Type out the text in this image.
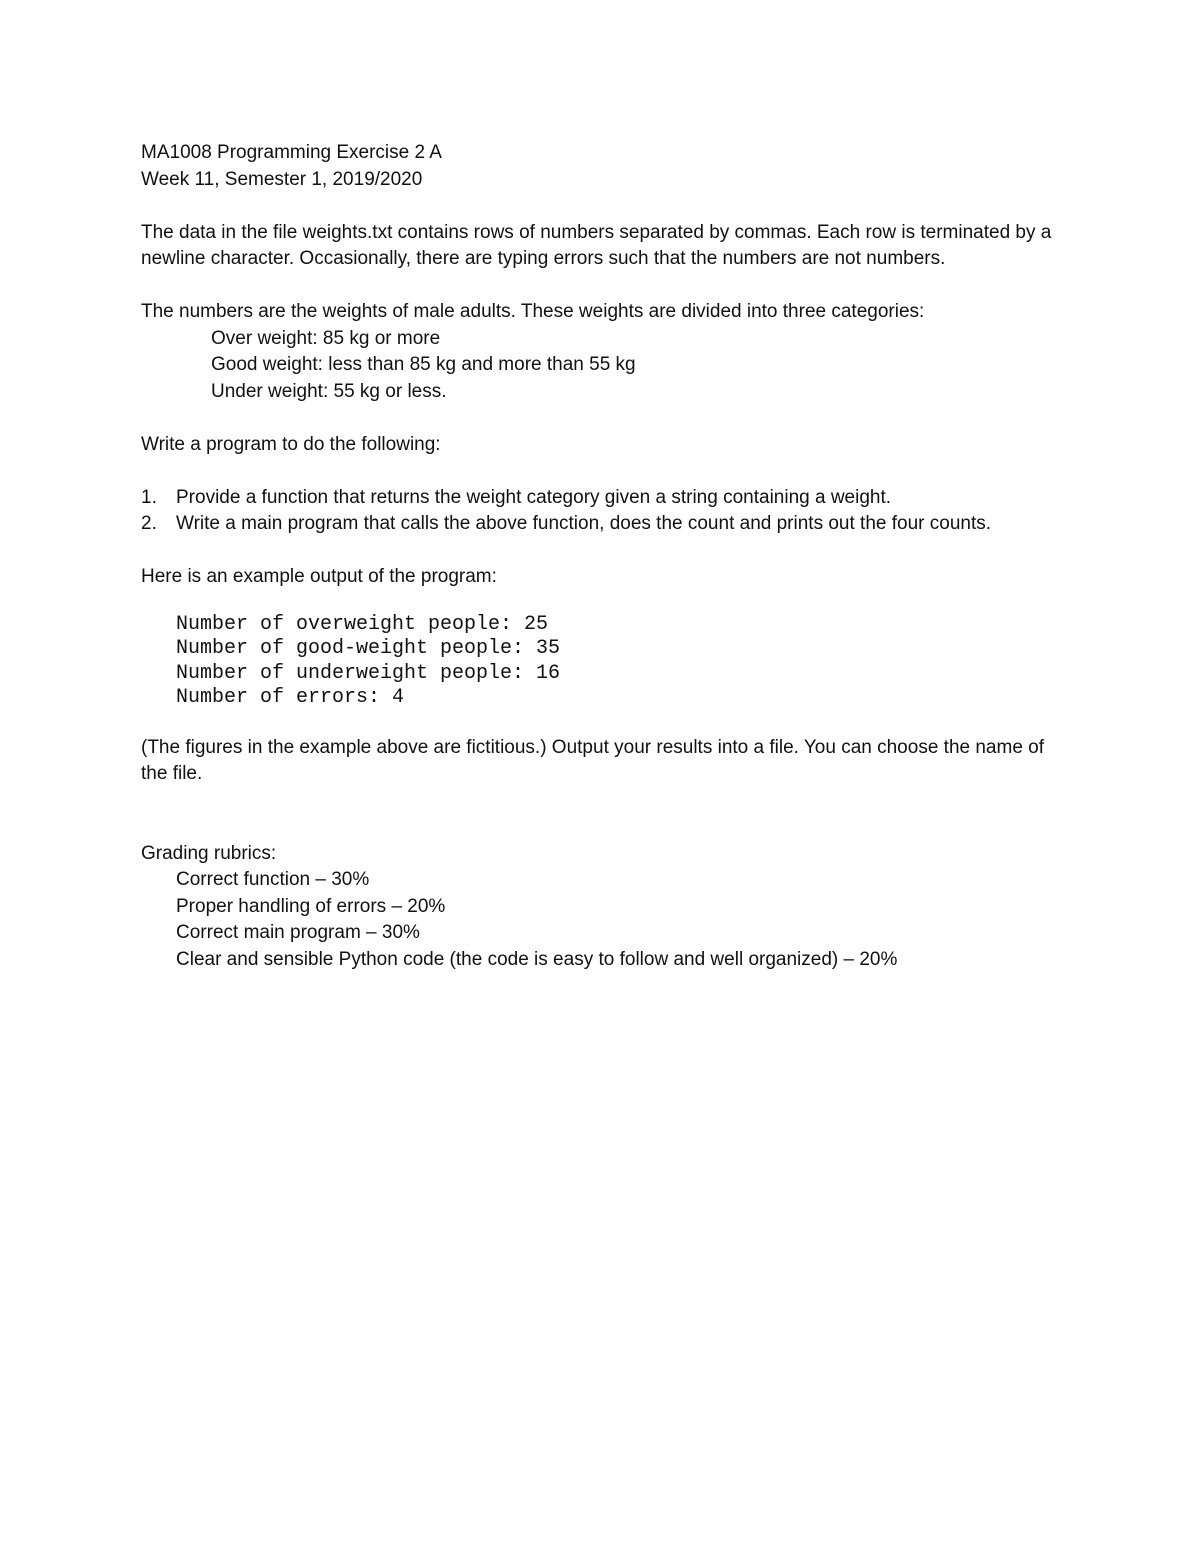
MA1008 Programming Exercise 2 A

Week 11, Semester 1, 2019/2020

The data in the file weights.txt contains rows of numbers separated by commas. Each row is terminated by a newline character. Occasionally, there are typing errors such that the numbers are not numbers.

The numbers are the weights of male adults. These weights are divided into three categories:

Over weight: 85 kg or more

Good weight: less than 85 kg and more than 55 kg

Under weight: 55 kg or less.

Write a program to do the following:

1. Provide a function that returns the weight category given a string containing a weight.
2. Write a main program that calls the above function, does the count and prints out the four counts.

Here is an example output of the program:

Number of overweight people: 25

Number of good-weight people: 35

Number of underweight people: 16

Number of errors: 4

(The figures in the example above are fictitious.) Output your results into a file. You can choose the name of the file.

Grading rubrics:

Correct function – 30%

Proper handling of errors – 20%

Correct main program – 30%

Clear and sensible Python code (the code is easy to follow and well organized) – 20%
